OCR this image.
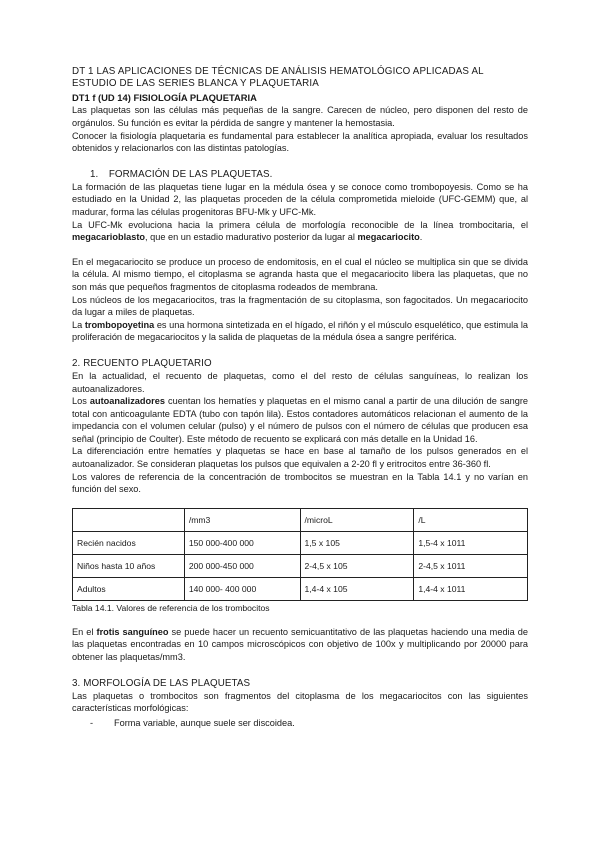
DT 1 LAS APLICACIONES DE TÉCNICAS DE ANÁLISIS HEMATOLÓGICO APLICADAS AL ESTUDIO DE LAS SERIES BLANCA Y PLAQUETARIA

DT1 f (UD 14) FISIOLOGÍA PLAQUETARIA

Las plaquetas son las células más pequeñas de la sangre. Carecen de núcleo, pero disponen del resto de orgánulos. Su función es evitar la pérdida de sangre y mantener la hemostasia.

Conocer la fisiología plaquetaria es fundamental para establecer la analítica apropiada, evaluar los resultados obtenidos y relacionarlos con las distintas patologías.

1. FORMACIÓN DE LAS PLAQUETAS.

La formación de las plaquetas tiene lugar en la médula ósea y se conoce como trombopoyesis. Como se ha estudiado en la Unidad 2, las plaquetas proceden de la célula comprometida mieloide (UFC-GEMM) que, al madurar, forma las células progenitoras BFU-Mk y UFC-Mk.

La UFC-Mk evoluciona hacia la primera célula de morfología reconocible de la línea trombocitaria, el megacarioblasto, que en un estadio madurativo posterior da lugar al megacariocito.

En el megacariocito se produce un proceso de endomitosis, en el cual el núcleo se multiplica sin que se divida la célula. Al mismo tiempo, el citoplasma se agranda hasta que el megacariocito libera las plaquetas, que no son más que pequeños fragmentos de citoplasma rodeados de membrana.

Los núcleos de los megacariocitos, tras la fragmentación de su citoplasma, son fagocitados. Un megacariocito da lugar a miles de plaquetas.

La trombopoyetina es una hormona sintetizada en el hígado, el riñón y el músculo esquelético, que estimula la proliferación de megacariocitos y la salida de plaquetas de la médula ósea a sangre periférica.

2. RECUENTO PLAQUETARIO

En la actualidad, el recuento de plaquetas, como el del resto de células sanguíneas, lo realizan los autoanalizadores.

Los autoanalizadores cuentan los hematíes y plaquetas en el mismo canal a partir de una dilución de sangre total con anticoagulante EDTA (tubo con tapón lila). Estos contadores automáticos relacionan el aumento de la impedancia con el volumen celular (pulso) y el número de pulsos con el número de células que producen esa señal (principio de Coulter). Este método de recuento se explicará con más detalle en la Unidad 16.

La diferenciación entre hematíes y plaquetas se hace en base al tamaño de los pulsos generados en el autoanalizador. Se consideran plaquetas los pulsos que equivalen a 2-20 fl y eritrocitos entre 36-360 fl.

Los valores de referencia de la concentración de trombocitos se muestran en la Tabla 14.1 y no varían en función del sexo.

	/mm3	/microL	/L
Recién nacidos	150 000-400 000	1,5 x 105	1,5-4 x 1011
Niños hasta 10 años	200 000-450 000	2-4,5 x 105	2-4,5 x 1011
Adultos	140 000- 400 000	1,4-4 x 105	1,4-4 x 1011

Tabla 14.1. Valores de referencia de los trombocitos

En el frotis sanguíneo se puede hacer un recuento semicuantitativo de las plaquetas haciendo una media de las plaquetas encontradas en 10 campos microscópicos con objetivo de 100x y multiplicando por 20000 para obtener las plaquetas/mm3.

3. MORFOLOGÍA DE LAS PLAQUETAS

Las plaquetas o trombocitos son fragmentos del citoplasma de los megacariocitos con las siguientes características morfológicas:

-	Forma variable, aunque suele ser discoidea.
